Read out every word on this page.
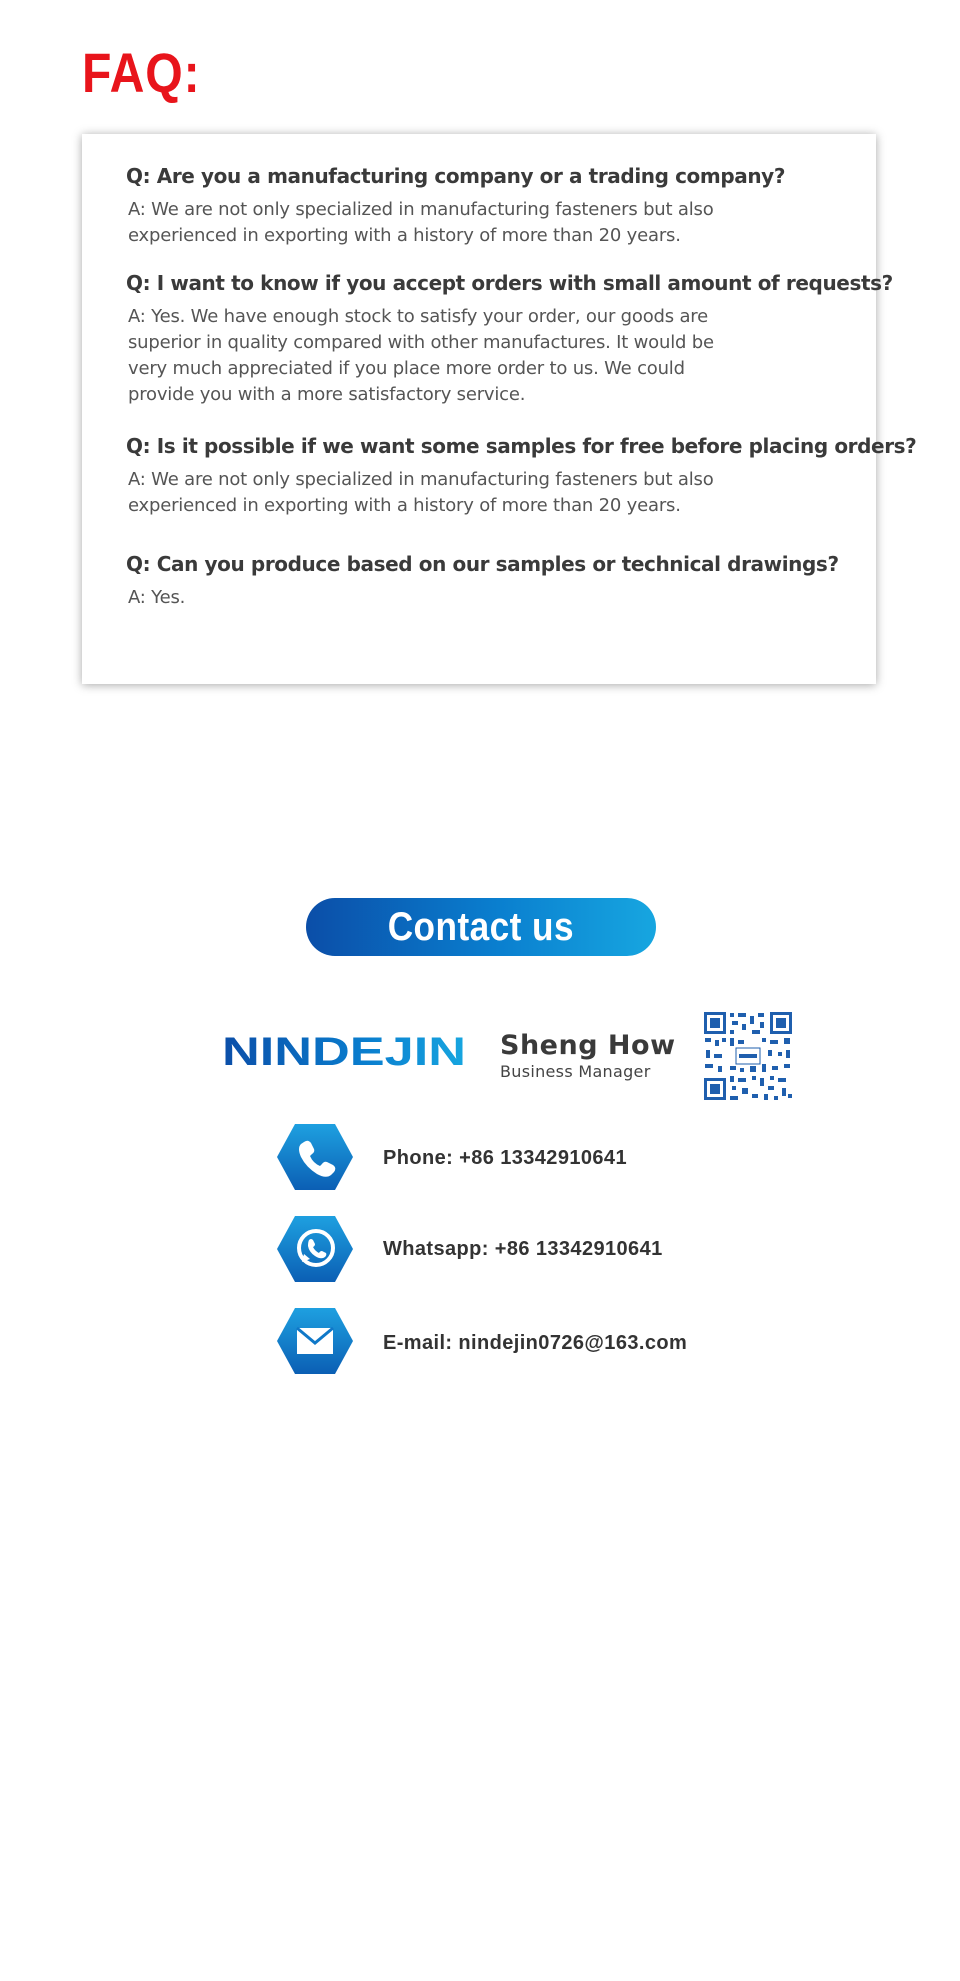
FAQ:

Q: Are you a manufacturing company or a trading company?

A: We are not only specialized in manufacturing fasteners but also
experienced in exporting with a history of more than 20 years.

Q: I want to know if you accept orders with small amount of requests?

A: Yes. We have enough stock to satisfy your order, our goods are
superior in quality compared with other manufactures. It would be
very much appreciated if you place more order to us. We could
provide you with a more satisfactory service.

Q: Is it possible if we want some samples for free before placing orders?

A: We are not only specialized in manufacturing fasteners but also
experienced in exporting with a history of more than 20 years.

Q: Can you produce based on our samples or technical drawings?

A: Yes.

Contact us
NINDEJIN Sheng How

Business Manager

Phone: +86 13342910641

Whatsapp: +86 13342910641

E-mail: nindejin0726@163.com
